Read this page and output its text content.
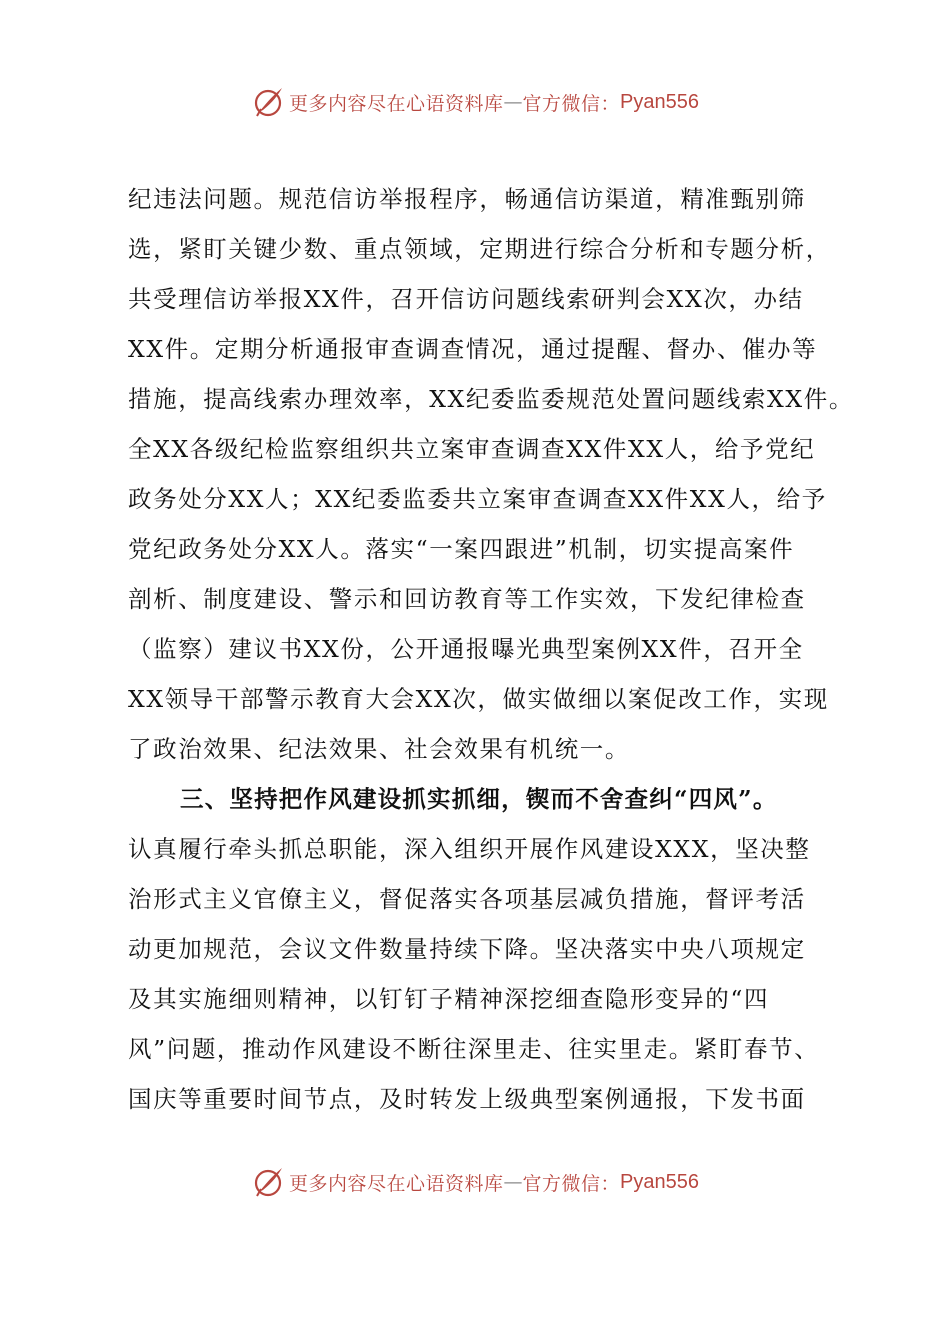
更多内容尽在心语资料库 — 官方微信： Pyan556
纪违法问题。规范信访举报程序，畅通信访渠道，精准甄别筛
选，紧盯关键少数、重点领域，定期进行综合分析和专题分析，
共受理信访举报XX件，召开信访问题线索研判会XX次，办结
XX件。定期分析通报审查调查情况，通过提醒、督办、催办等
措施，提高线索办理效率，XX纪委监委规范处置问题线索XX件。
全XX各级纪检监察组织共立案审查调查XX件XX人，给予党纪
政务处分XX人；XX纪委监委共立案审查调查XX件XX人，给予
党纪政务处分XX人。落实“一案四跟进”机制，切实提高案件
剖析、制度建设、警示和回访教育等工作实效，下发纪律检查
（监察）建议书XX份，公开通报曝光典型案例XX件，召开全
XX领导干部警示教育大会XX次，做实做细以案促改工作，实现
了政治效果、纪法效果、社会效果有机统一。
三、坚持把作风建设抓实抓细，锲而不舍查纠“四风”。
认真履行牵头抓总职能，深入组织开展作风建设XXX，坚决整
治形式主义官僚主义，督促落实各项基层减负措施，督评考活
动更加规范，会议文件数量持续下降。坚决落实中央八项规定
及其实施细则精神，以钉钉子精神深挖细查隐形变异的“四
风”问题，推动作风建设不断往深里走、往实里走。紧盯春节、
国庆等重要时间节点，及时转发上级典型案例通报，下发书面
更多内容尽在心语资料库 — 官方微信： Pyan556
